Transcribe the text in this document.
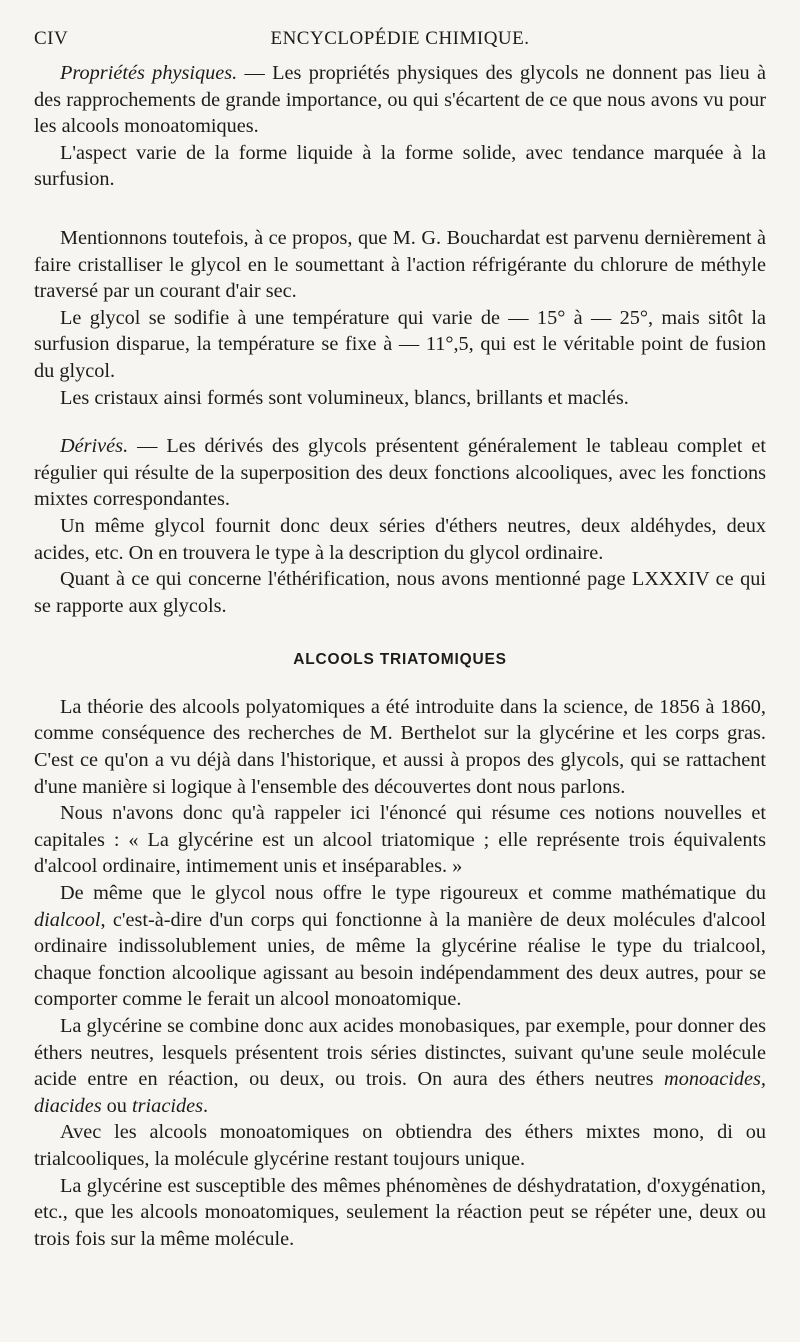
CIV	ENCYCLOPÉDIE CHIMIQUE.

Propriétés physiques. — Les propriétés physiques des glycols ne donnent pas lieu à des rapprochements de grande importance, ou qui s'écartent de ce que nous avons vu pour les alcools monoatomiques.

L'aspect varie de la forme liquide à la forme solide, avec tendance marquée à la surfusion.

Mentionnons toutefois, à ce propos, que M. G. Bouchardat est parvenu dernièrement à faire cristalliser le glycol en le soumettant à l'action réfrigérante du chlorure de méthyle traversé par un courant d'air sec.

Le glycol se sodifie à une température qui varie de — 15° à — 25°, mais sitôt la surfusion disparue, la température se fixe à — 11°,5, qui est le véritable point de fusion du glycol.

Les cristaux ainsi formés sont volumineux, blancs, brillants et maclés.

Dérivés. — Les dérivés des glycols présentent généralement le tableau complet et régulier qui résulte de la superposition des deux fonctions alcooliques, avec les fonctions mixtes correspondantes.

Un même glycol fournit donc deux séries d'éthers neutres, deux aldéhydes, deux acides, etc. On en trouvera le type à la description du glycol ordinaire.

Quant à ce qui concerne l'éthérification, nous avons mentionné page LXXXIV ce qui se rapporte aux glycols.

ALCOOLS TRIATOMIQUES

La théorie des alcools polyatomiques a été introduite dans la science, de 1856 à 1860, comme conséquence des recherches de M. Berthelot sur la glycérine et les corps gras. C'est ce qu'on a vu déjà dans l'historique, et aussi à propos des glycols, qui se rattachent d'une manière si logique à l'ensemble des découvertes dont nous parlons.

Nous n'avons donc qu'à rappeler ici l'énoncé qui résume ces notions nouvelles et capitales : « La glycérine est un alcool triatomique ; elle représente trois équivalents d'alcool ordinaire, intimement unis et inséparables. »

De même que le glycol nous offre le type rigoureux et comme mathématique du dialcool, c'est-à-dire d'un corps qui fonctionne à la manière de deux molécules d'alcool ordinaire indissolublement unies, de même la glycérine réalise le type du trialcool, chaque fonction alcoolique agissant au besoin indépendamment des deux autres, pour se comporter comme le ferait un alcool monoatomique.

La glycérine se combine donc aux acides monobasiques, par exemple, pour donner des éthers neutres, lesquels présentent trois séries distinctes, suivant qu'une seule molécule acide entre en réaction, ou deux, ou trois. On aura des éthers neutres monoacides, diacides ou triacides.

Avec les alcools monoatomiques on obtiendra des éthers mixtes mono, di ou trialcooliques, la molécule glycérine restant toujours unique.

La glycérine est susceptible des mêmes phénomènes de déshydratation, d'oxygénation, etc., que les alcools monoatomiques, seulement la réaction peut se répéter une, deux ou trois fois sur la même molécule.
